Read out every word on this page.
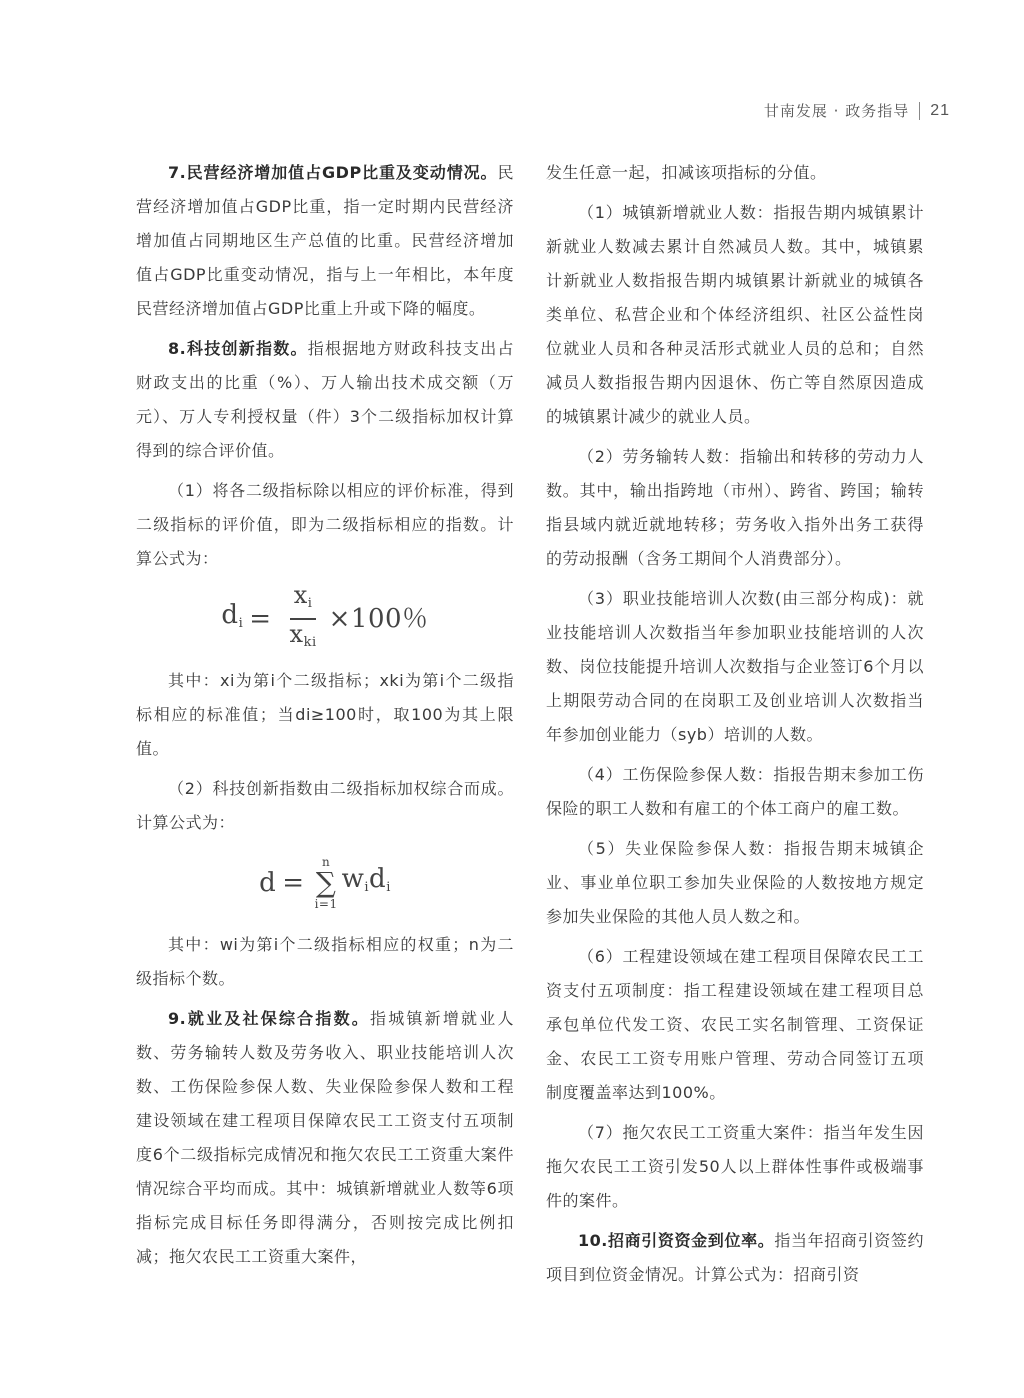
甘南发展 · 政务指导 21

7.民营经济增加值占GDP比重及变动情况。民营经济增加值占GDP比重，指一定时期内民营经济增加值占同期地区生产总值的比重。民营经济增加值占GDP比重变动情况，指与上一年相比，本年度民营经济增加值占GDP比重上升或下降的幅度。

8.科技创新指数。指根据地方财政科技支出占财政支出的比重（%）、万人输出技术成交额（万元）、万人专利授权量（件）3个二级指标加权计算得到的综合评价值。

（1）将各二级指标除以相应的评价标准，得到二级指标的评价值，即为二级指标相应的指数。计算公式为：

$d_i = \frac{x_i}{x_{ki}} \times 100$％

其中：xi为第i个二级指标；xki为第i个二级指标相应的标准值；当di≥100时，取100为其上限值。

（2）科技创新指数由二级指标加权综合而成。计算公式为：

d =
n
∑
i=1
$w_i$ $d_i$

其中：wi为第i个二级指标相应的权重；n为二级指标个数。

9.就业及社保综合指数。指城镇新增就业人数、劳务输转人数及劳务收入、职业技能培训人次数、工伤保险参保人数、失业保险参保人数和工程建设领域在建工程项目保障农民工工资支付五项制度6个二级指标完成情况和拖欠农民工工资重大案件情况综合平均而成。其中：城镇新增就业人数等6项指标完成目标任务即得满分，否则按完成比例扣减；拖欠农民工工资重大案件，

发生任意一起，扣减该项指标的分值。

（1）城镇新增就业人数：指报告期内城镇累计新就业人数减去累计自然减员人数。其中，城镇累计新就业人数指报告期内城镇累计新就业的城镇各类单位、私营企业和个体经济组织、社区公益性岗位就业人员和各种灵活形式就业人员的总和；自然减员人数指报告期内因退休、伤亡等自然原因造成的城镇累计减少的就业人员。

（2）劳务输转人数：指输出和转移的劳动力人数。其中，输出指跨地（市州）、跨省、跨国；输转指县域内就近就地转移；劳务收入指外出务工获得的劳动报酬（含务工期间个人消费部分）。

（3）职业技能培训人次数(由三部分构成)：就业技能培训人次数指当年参加职业技能培训的人次数、岗位技能提升培训人次数指与企业签订6个月以上期限劳动合同的在岗职工及创业培训人次数指当年参加创业能力（syb）培训的人数。

（4）工伤保险参保人数：指报告期末参加工伤保险的职工人数和有雇工的个体工商户的雇工数。

（5）失业保险参保人数：指报告期末城镇企业、事业单位职工参加失业保险的人数按地方规定参加失业保险的其他人员人数之和。

（6）工程建设领域在建工程项目保障农民工工资支付五项制度：指工程建设领域在建工程项目总承包单位代发工资、农民工实名制管理、工资保证金、农民工工资专用账户管理、劳动合同签订五项制度覆盖率达到100%。

（7）拖欠农民工工资重大案件：指当年发生因拖欠农民工工资引发50人以上群体性事件或极端事件的案件。

10.招商引资资金到位率。指当年招商引资签约项目到位资金情况。计算公式为：招商引资
